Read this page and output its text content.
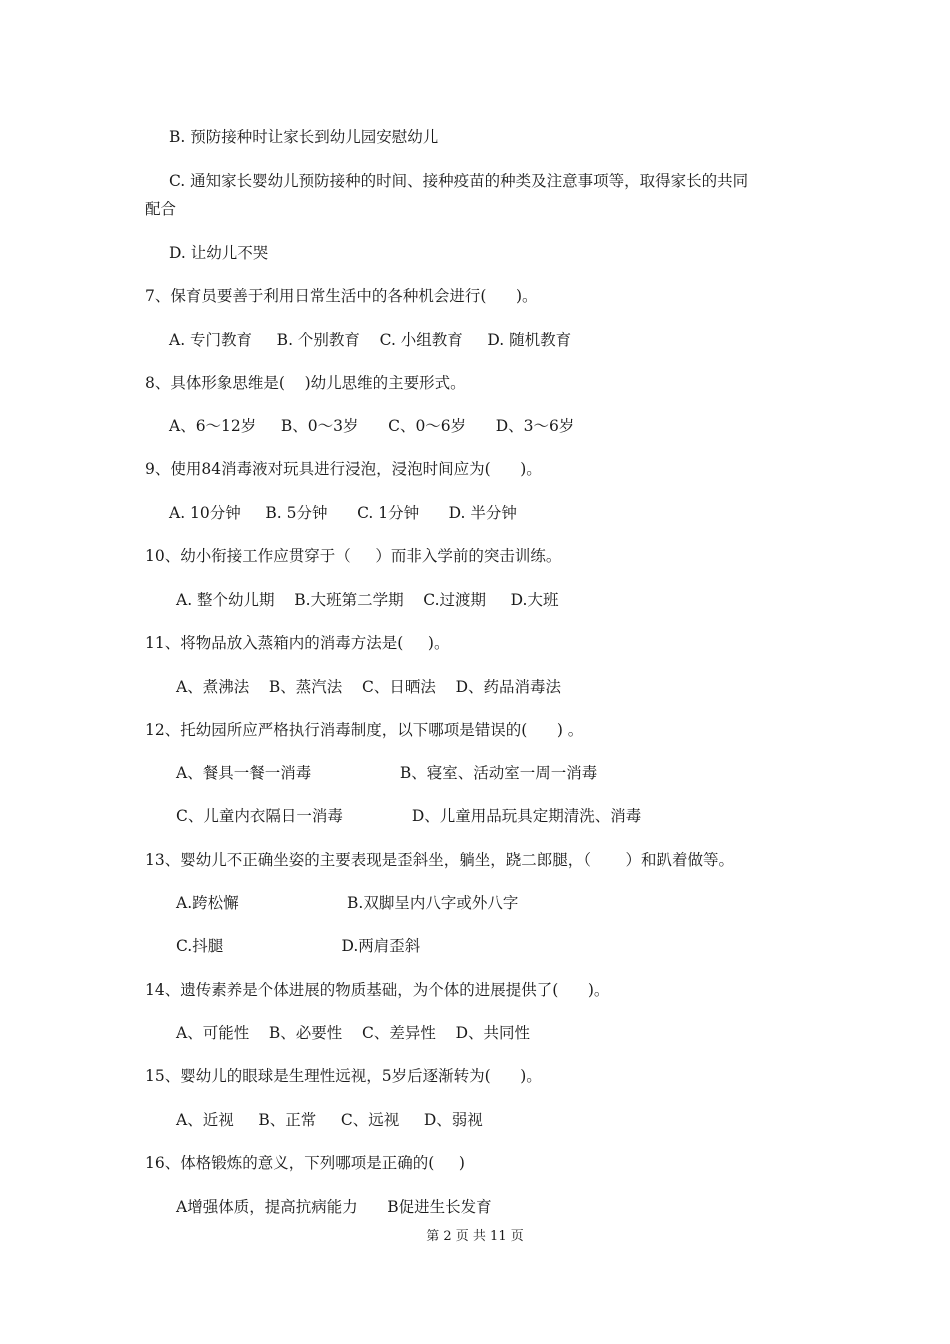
B. 预防接种时让家长到幼儿园安慰幼儿
C. 通知家长婴幼儿预防接种的时间、接种疫苗的种类及注意事项等，取得家长的共同
配合
D. 让幼儿不哭
7、保育员要善于利用日常生活中的各种机会进行(      )。
A. 专门教育     B. 个别教育    C. 小组教育     D. 随机教育
8、具体形象思维是(    )幼儿思维的主要形式。
A、6～12岁     B、0～3岁      C、0～6岁      D、3～6岁
9、使用84消毒液对玩具进行浸泡，浸泡时间应为(      )。
A. 10分钟     B. 5分钟      C. 1分钟      D. 半分钟
10、幼小衔接工作应贯穿于（     ）而非入学前的突击训练。
A. 整个幼儿期    B.大班第二学期    C.过渡期     D.大班
11、将物品放入蒸箱内的消毒方法是(     )。
A、煮沸法    B、蒸汽法    C、日晒法    D、药品消毒法
12、托幼园所应严格执行消毒制度，以下哪项是错误的(      ) 。
A、餐具一餐一消毒                  B、寝室、活动室一周一消毒
C、儿童内衣隔日一消毒              D、儿童用品玩具定期清洗、消毒
13、婴幼儿不正确坐姿的主要表现是歪斜坐，躺坐，跷二郎腿，（       ）和趴着做等。
A.跨松懈                      B.双脚呈内八字或外八字
C.抖腿                        D.两肩歪斜
14、遗传素养是个体进展的物质基础，为个体的进展提供了(      )。
A、可能性    B、必要性    C、差异性    D、共同性
15、婴幼儿的眼球是生理性远视，5岁后逐渐转为(      )。
A、近视     B、正常     C、远视     D、弱视
16、体格锻炼的意义，下列哪项是正确的(     )
A增强体质，提高抗病能力      B促进生长发育
第 2 页 共 11 页
